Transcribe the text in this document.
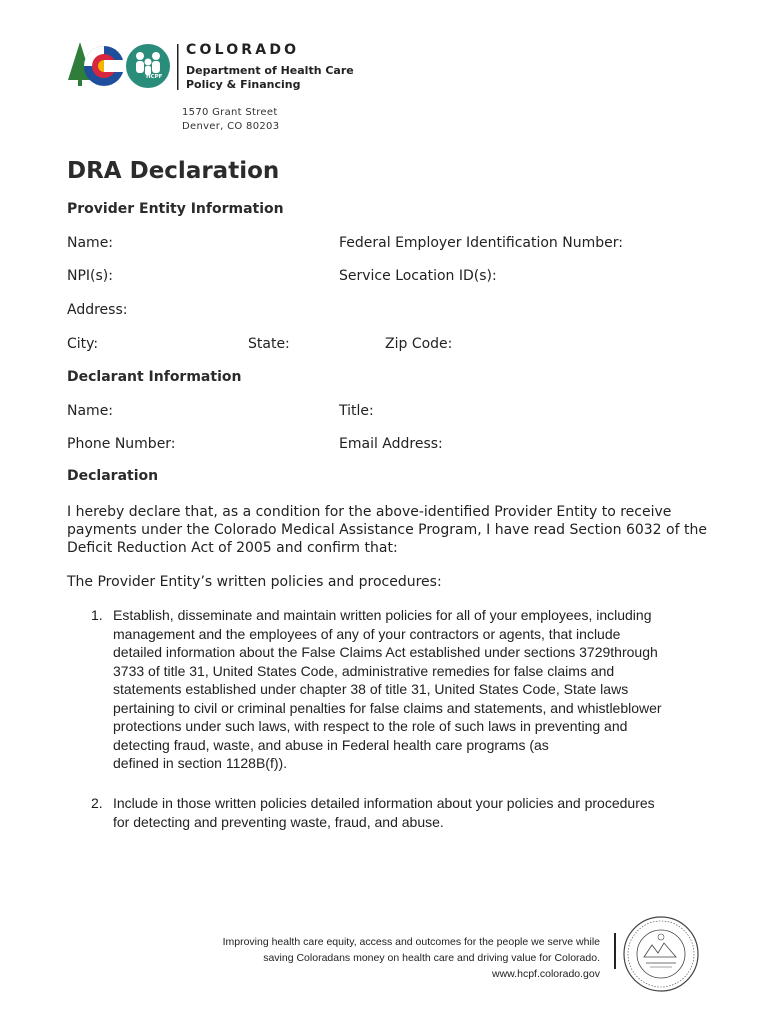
HCPF
COLORADO
Department of Health Care
Policy & Financing
1570 Grant Street
Denver, CO 80203
DRA Declaration
Provider Entity Information
Name:	Federal Employer Identification Number:
NPI(s):	Service Location ID(s):
Address:
City:	State:	Zip Code:
Declarant Information
Name:	Title:
Phone Number:	Email Address:
Declaration
I hereby declare that, as a condition for the above-identified Provider Entity to receive
payments under the Colorado Medical Assistance Program, I have read Section 6032 of the
Deficit Reduction Act of 2005 and confirm that:
The Provider Entity’s written policies and procedures:
1. Establish, disseminate and maintain written policies for all of your employees, including
management and the employees of any of your contractors or agents, that include
detailed information about the False Claims Act established under sections 3729through
3733 of title 31, United States Code, administrative remedies for false claims and
statements established under chapter 38 of title 31, United States Code, State laws
pertaining to civil or criminal penalties for false claims and statements, and whistleblower
protections under such laws, with respect to the role of such laws in preventing and
detecting fraud, waste, and abuse in Federal health care programs (as
defined in section 1128B(f)).
2. Include in those written policies detailed information about your policies and procedures
for detecting and preventing waste, fraud, and abuse.
Improving health care equity, access and outcomes for the people we serve while
saving Coloradans money on health care and driving value for Colorado.
www.hcpf.colorado.gov
